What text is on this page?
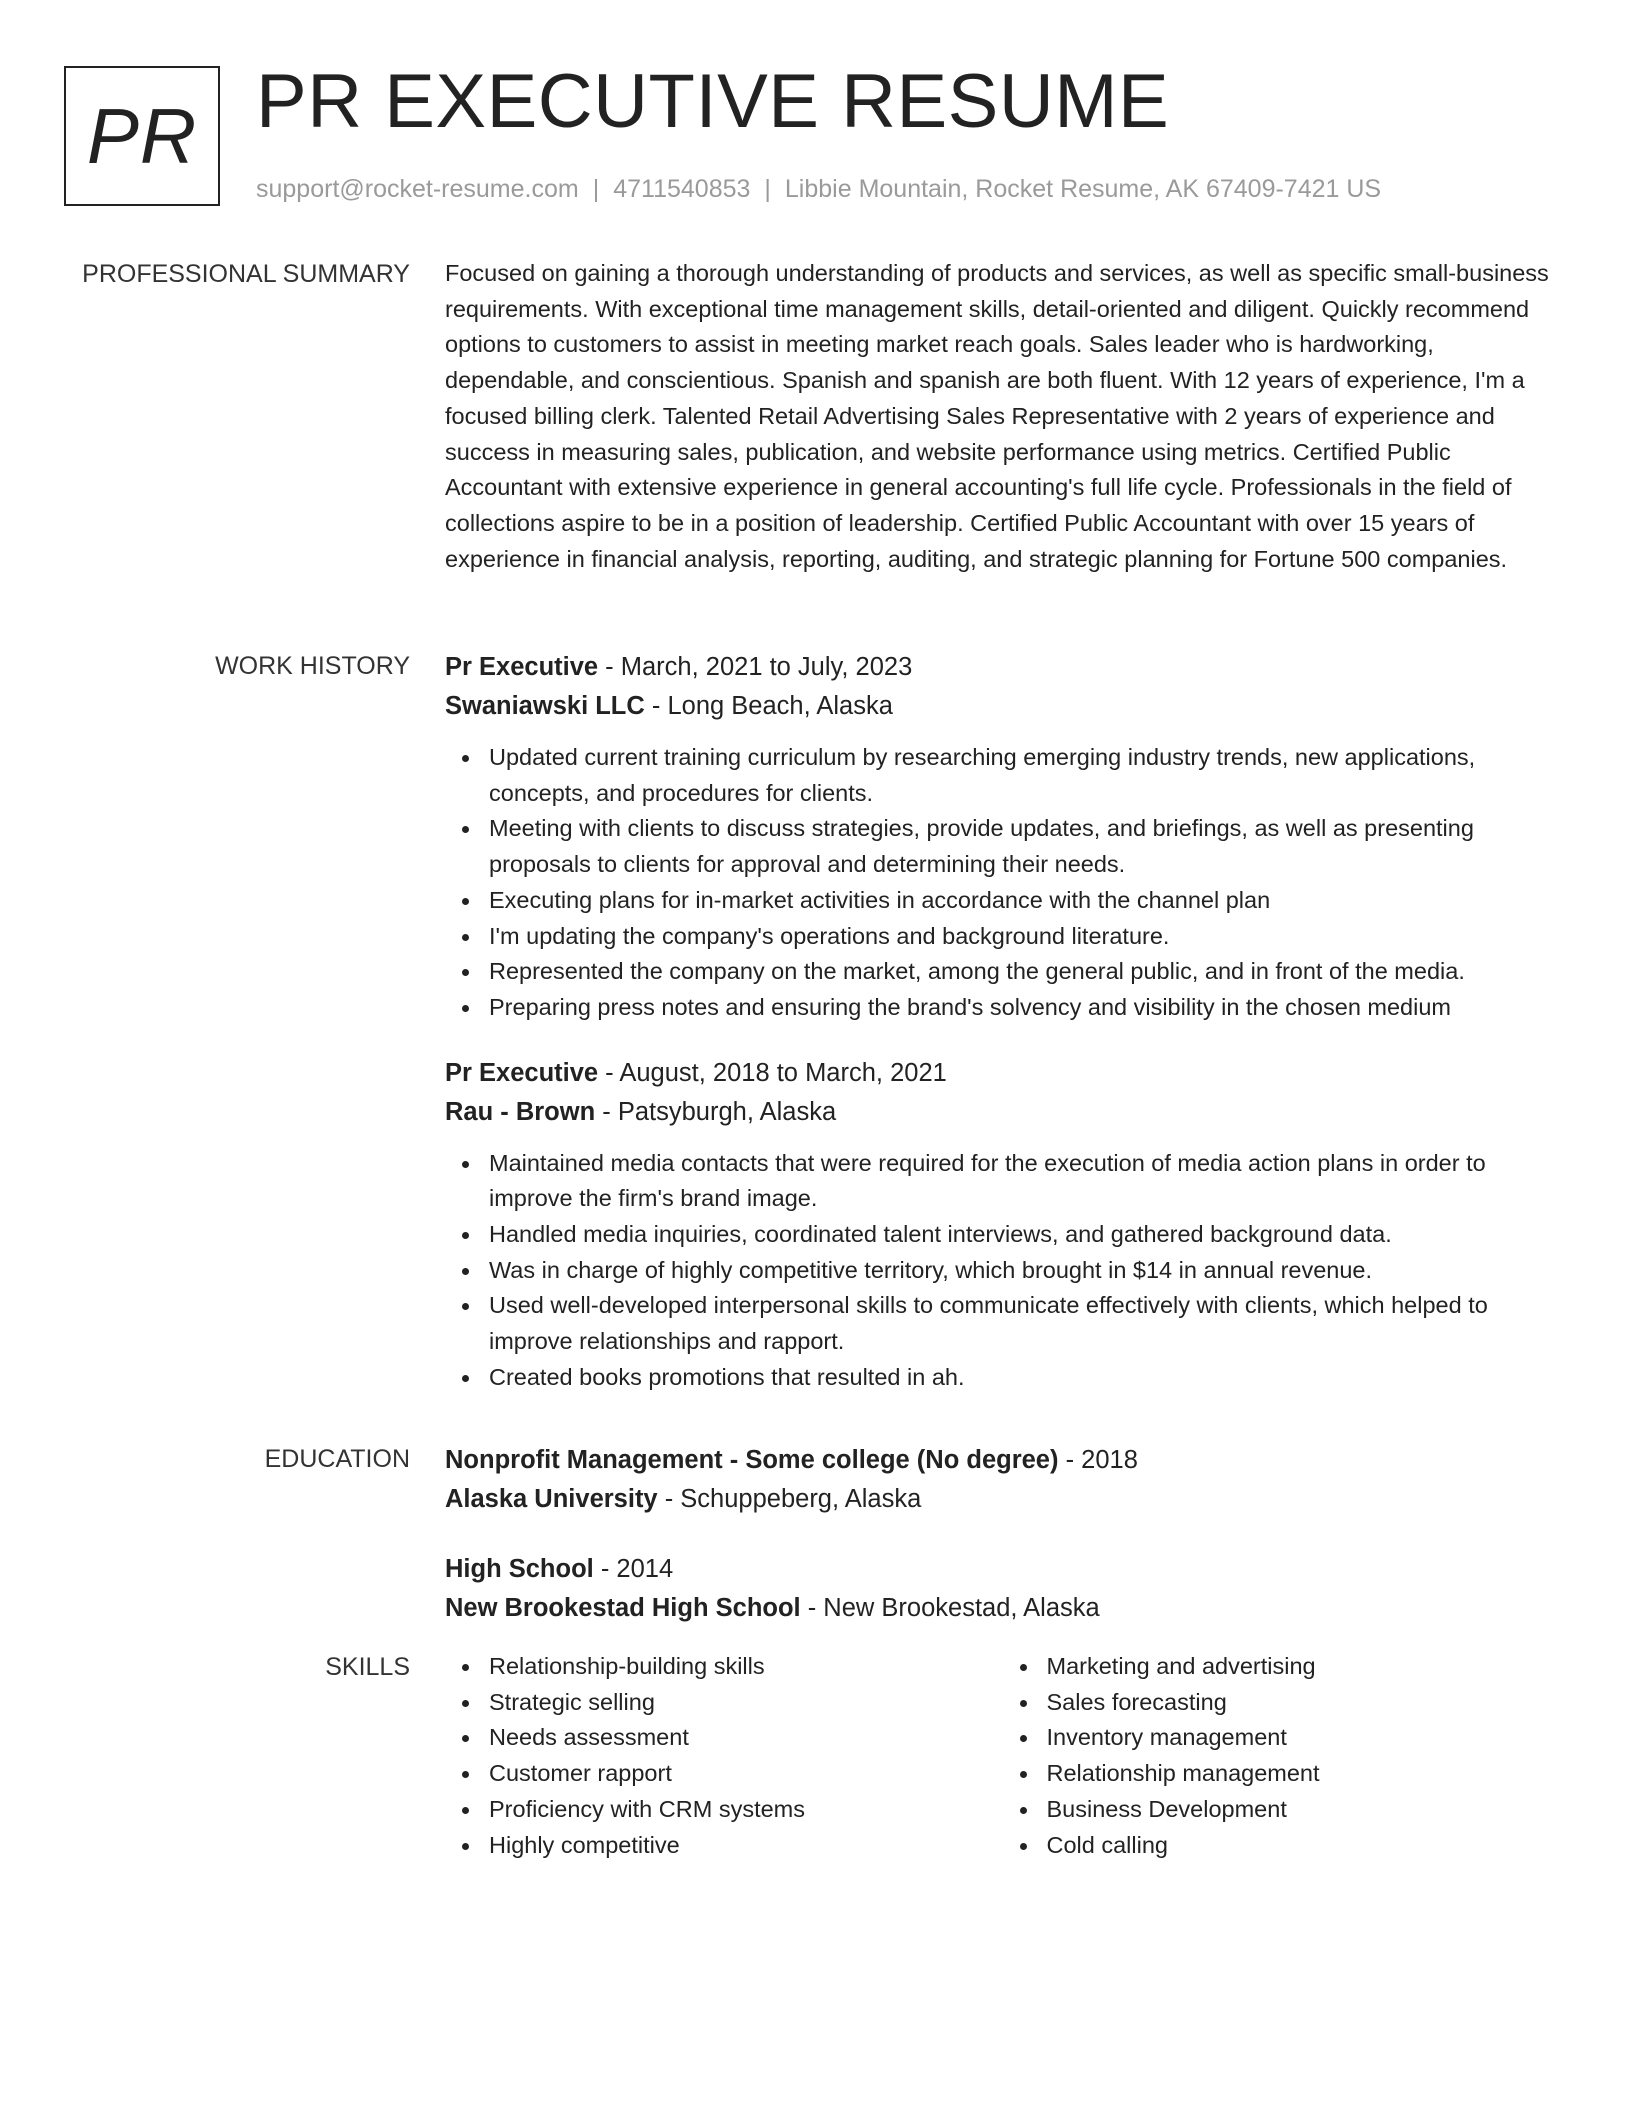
PR PR EXECUTIVE RESUME
support@rocket-resume.com | 4711540853 | Libbie Mountain, Rocket Resume, AK 67409-7421 US
PROFESSIONAL SUMMARY Focused on gaining a thorough understanding of products and services, as well as specific small-business requirements. With exceptional time management skills, detail-oriented and diligent. Quickly recommend options to customers to assist in meeting market reach goals. Sales leader who is hardworking, dependable, and conscientious. Spanish and spanish are both fluent. With 12 years of experience, I'm a focused billing clerk. Talented Retail Advertising Sales Representative with 2 years of experience and success in measuring sales, publication, and website performance using metrics. Certified Public Accountant with extensive experience in general accounting's full life cycle. Professionals in the field of collections aspire to be in a position of leadership. Certified Public Accountant with over 15 years of experience in financial analysis, reporting, auditing, and strategic planning for Fortune 500 companies.

WORK HISTORY Pr Executive - March, 2021 to July, 2023
Swaniawski LLC - Long Beach, Alaska
Updated current training curriculum by researching emerging industry trends, new applications, concepts, and procedures for clients.
Meeting with clients to discuss strategies, provide updates, and briefings, as well as presenting proposals to clients for approval and determining their needs.
Executing plans for in-market activities in accordance with the channel plan
I'm updating the company's operations and background literature.
Represented the company on the market, among the general public, and in front of the media.
Preparing press notes and ensuring the brand's solvency and visibility in the chosen medium
Pr Executive - August, 2018 to March, 2021
Rau - Brown - Patsyburgh, Alaska
Maintained media contacts that were required for the execution of media action plans in order to improve the firm's brand image.
Handled media inquiries, coordinated talent interviews, and gathered background data.
Was in charge of highly competitive territory, which brought in $14 in annual revenue.
Used well-developed interpersonal skills to communicate effectively with clients, which helped to improve relationships and rapport.
Created books promotions that resulted in ah.
EDUCATION Nonprofit Management - Some college (No degree) - 2018
Alaska University - Schuppeberg, Alaska
High School - 2014
New Brookestad High School - New Brookestad, Alaska
SKILLS	Relationship-building skills
Strategic selling
Needs assessment
Customer rapport
Proficiency with CRM systems
Highly competitive
Marketing and advertising
Sales forecasting
Inventory management
Relationship management
Business Development
Cold calling
